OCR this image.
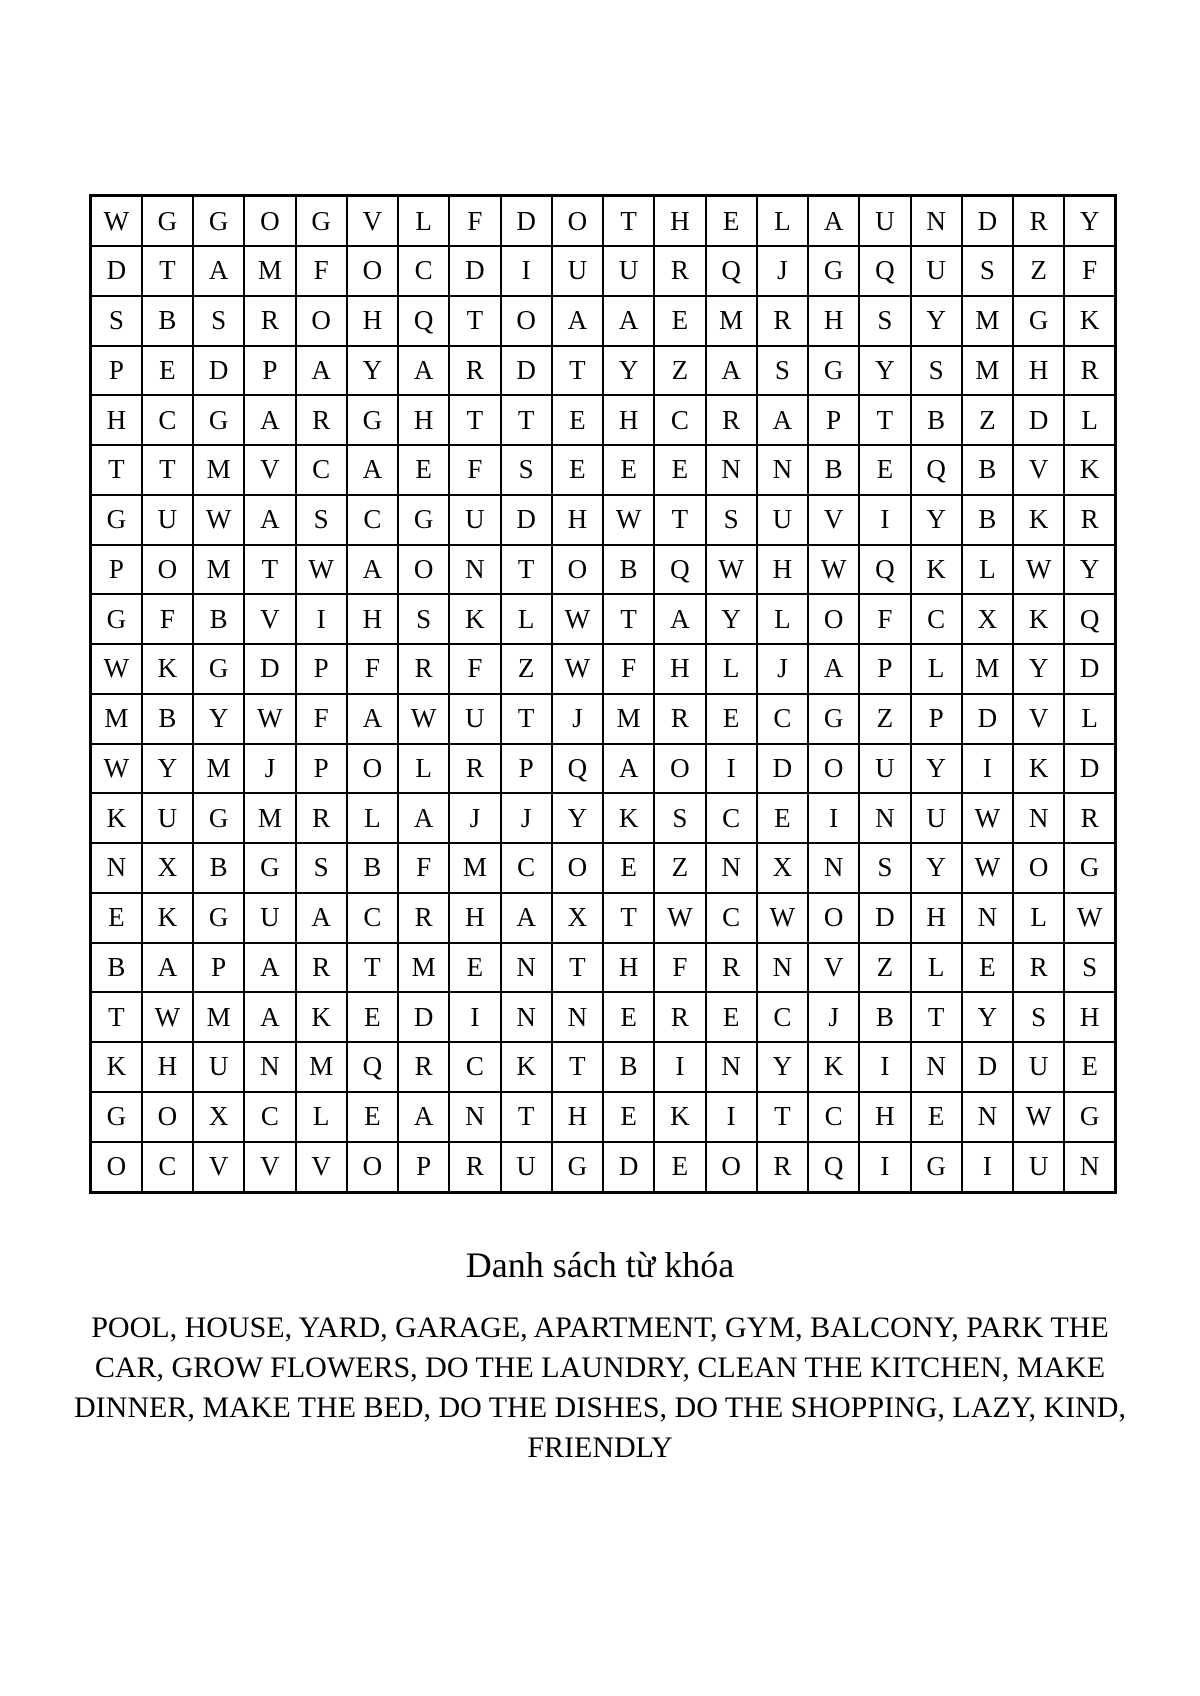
W	G	G	O	G	V	L	F	D	O	T	H	E	L	A	U	N	D	R	Y
D	T	A	M	F	O	C	D	I	U	U	R	Q	J	G	Q	U	S	Z	F
S	B	S	R	O	H	Q	T	O	A	A	E	M	R	H	S	Y	M	G	K
P	E	D	P	A	Y	A	R	D	T	Y	Z	A	S	G	Y	S	M	H	R
H	C	G	A	R	G	H	T	T	E	H	C	R	A	P	T	B	Z	D	L
T	T	M	V	C	A	E	F	S	E	E	E	N	N	B	E	Q	B	V	K
G	U	W	A	S	C	G	U	D	H	W	T	S	U	V	I	Y	B	K	R
P	O	M	T	W	A	O	N	T	O	B	Q	W	H	W	Q	K	L	W	Y
G	F	B	V	I	H	S	K	L	W	T	A	Y	L	O	F	C	X	K	Q
W	K	G	D	P	F	R	F	Z	W	F	H	L	J	A	P	L	M	Y	D
M	B	Y	W	F	A	W	U	T	J	M	R	E	C	G	Z	P	D	V	L
W	Y	M	J	P	O	L	R	P	Q	A	O	I	D	O	U	Y	I	K	D
K	U	G	M	R	L	A	J	J	Y	K	S	C	E	I	N	U	W	N	R
N	X	B	G	S	B	F	M	C	O	E	Z	N	X	N	S	Y	W	O	G
E	K	G	U	A	C	R	H	A	X	T	W	C	W	O	D	H	N	L	W
B	A	P	A	R	T	M	E	N	T	H	F	R	N	V	Z	L	E	R	S
T	W	M	A	K	E	D	I	N	N	E	R	E	C	J	B	T	Y	S	H
K	H	U	N	M	Q	R	C	K	T	B	I	N	Y	K	I	N	D	U	E
G	O	X	C	L	E	A	N	T	H	E	K	I	T	C	H	E	N	W	G
O	C	V	V	V	O	P	R	U	G	D	E	O	R	Q	I	G	I	U	N
Danh sách từ khóa
POOL, HOUSE, YARD, GARAGE, APARTMENT, GYM, BALCONY, PARK THE CAR, GROW FLOWERS, DO THE LAUNDRY, CLEAN THE KITCHEN, MAKE DINNER, MAKE THE BED, DO THE DISHES, DO THE SHOPPING, LAZY, KIND, FRIENDLY
